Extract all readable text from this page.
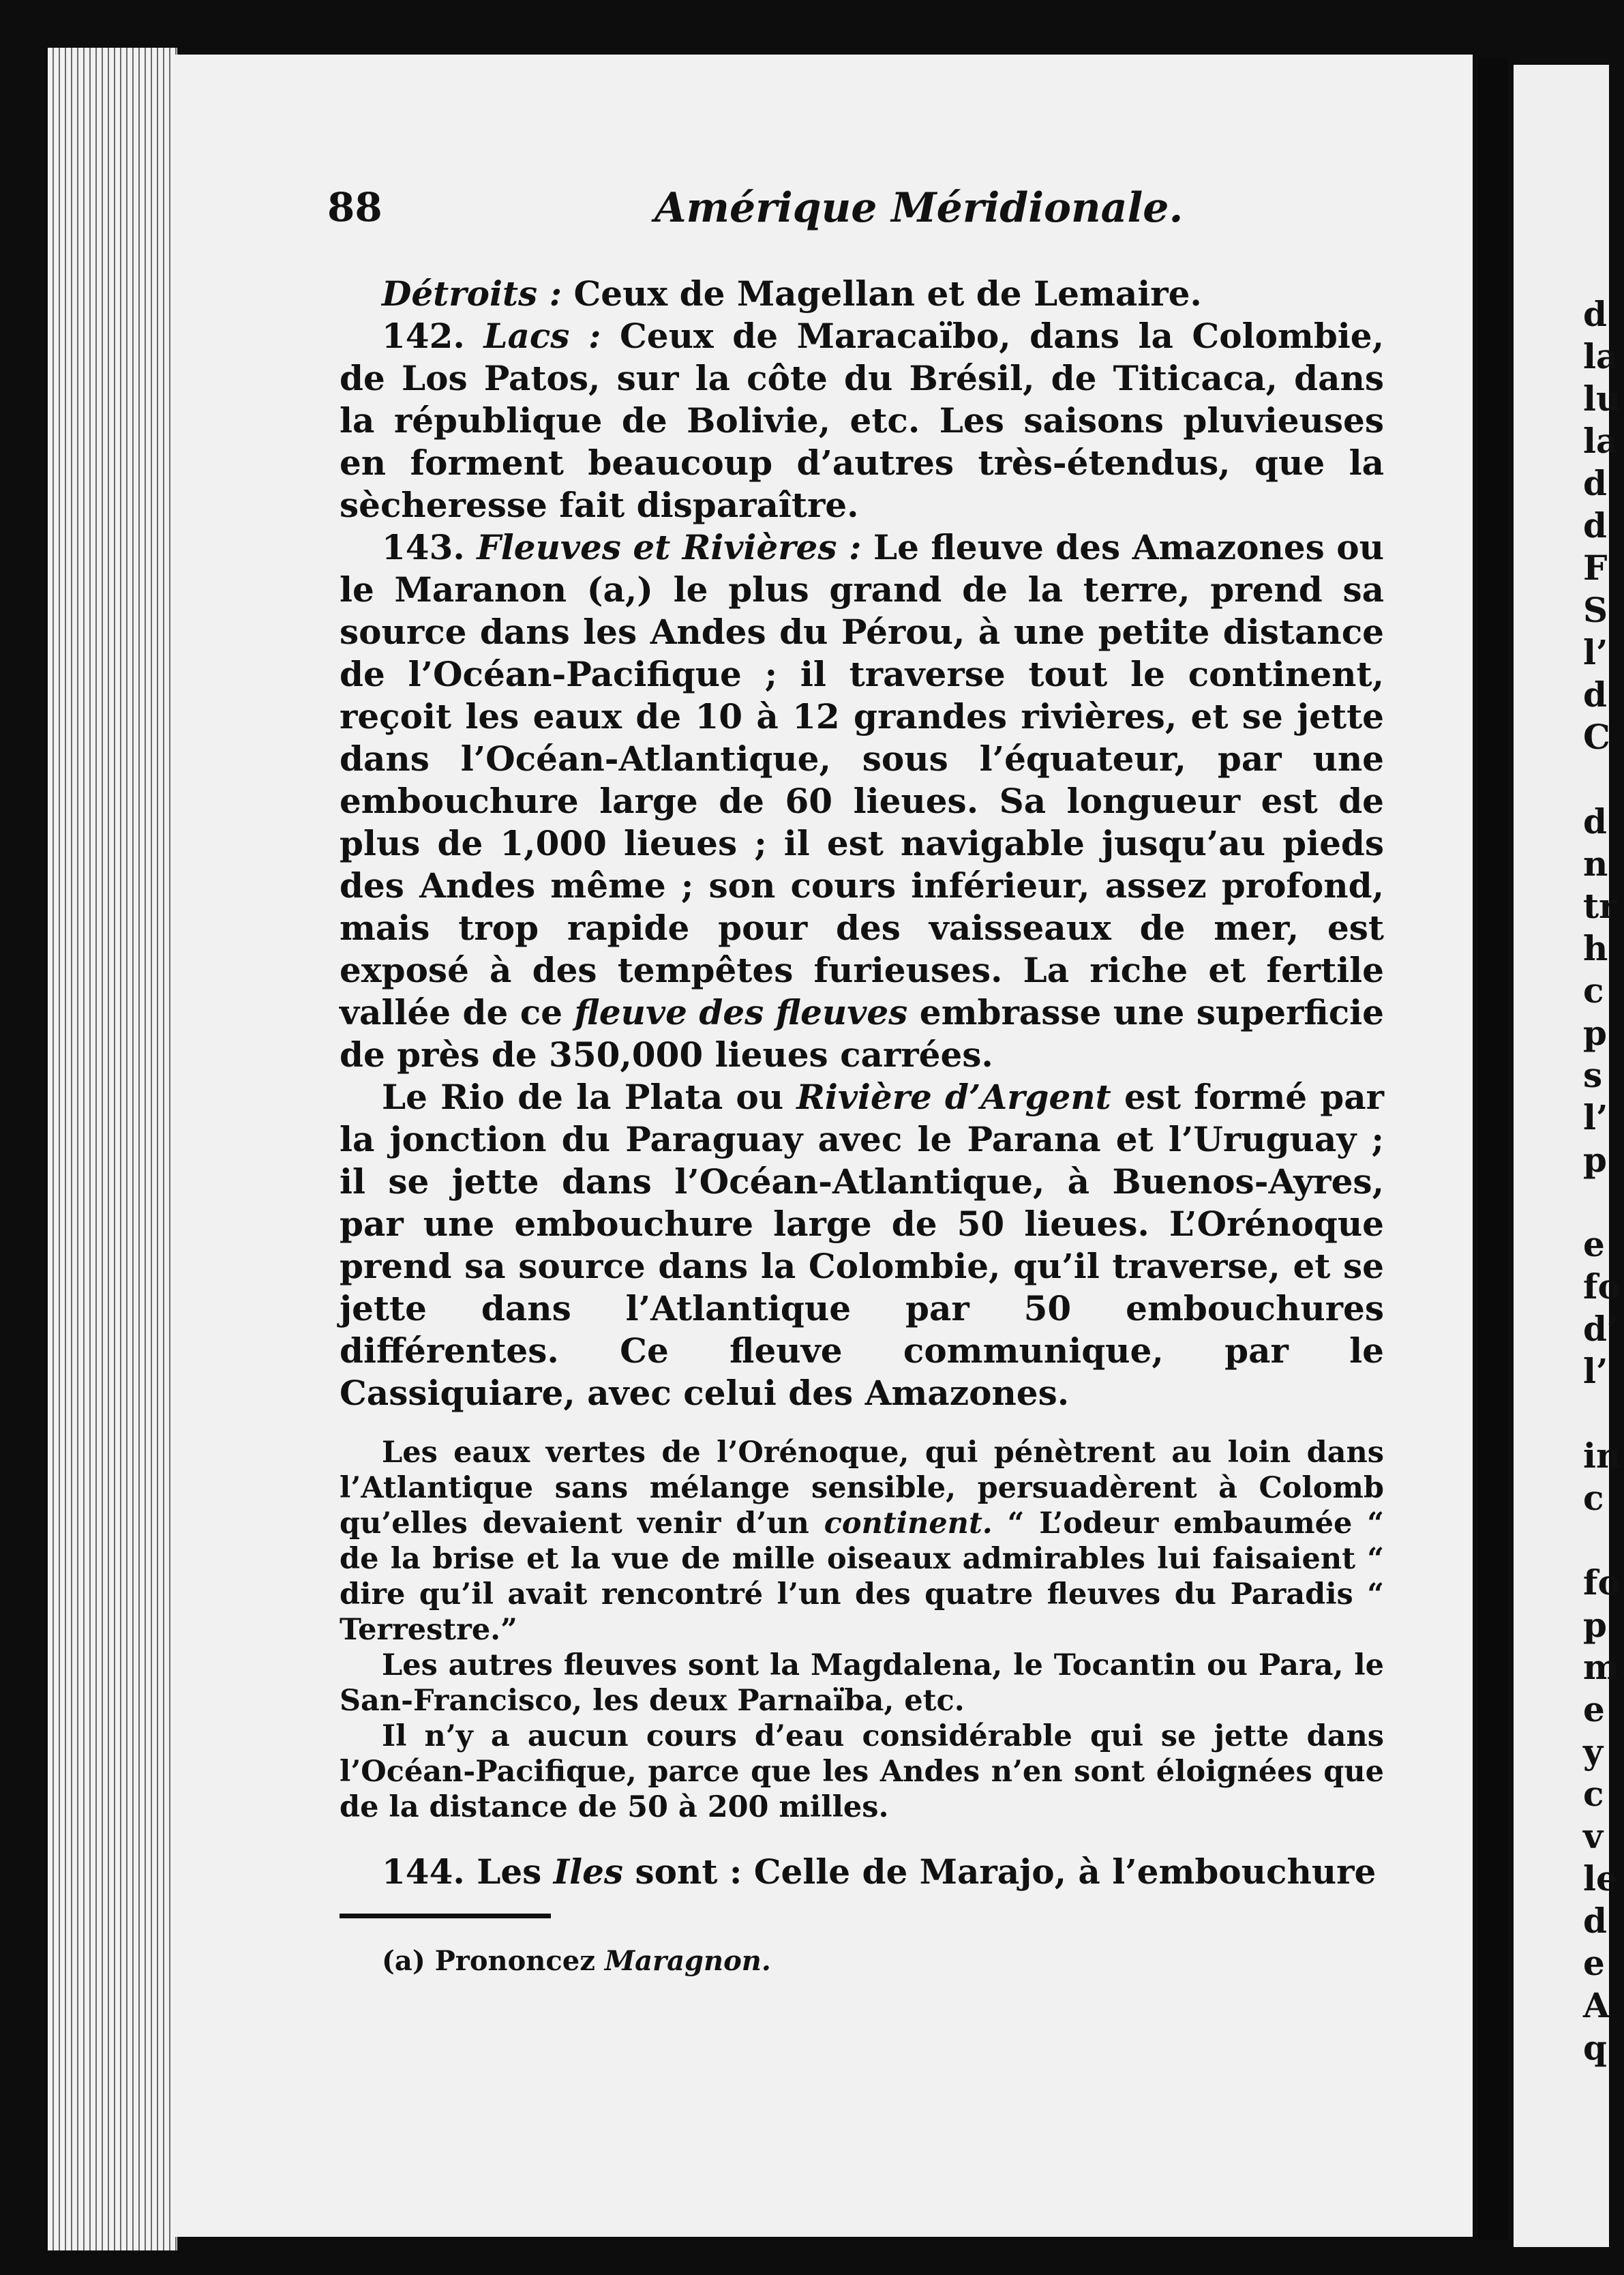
88	Amérique Méridionale.

Détroits : Ceux de Magellan et de Lemaire.

142. Lacs : Ceux de Maracaïbo, dans la Colombie, de Los Patos, sur la côte du Brésil, de Titicaca, dans la république de Bolivie, etc. Les saisons pluvieuses en forment beaucoup d’autres très-étendus, que la sècheresse fait disparaître.

143. Fleuves et Rivières : Le fleuve des Amazones ou le Maranon (a,) le plus grand de la terre, prend sa source dans les Andes du Pérou, à une petite distance de l’Océan-Pacifique ; il traverse tout le continent, reçoit les eaux de 10 à 12 grandes rivières, et se jette dans l’Océan-Atlantique, sous l’équateur, par une embouchure large de 60 lieues. Sa longueur est de plus de 1,000 lieues ; il est navigable jusqu’au pieds des Andes même ; son cours inférieur, assez profond, mais trop rapide pour des vaisseaux de mer, est exposé à des tempêtes furieuses. La riche et fertile vallée de ce fleuve des fleuves embrasse une superficie de près de 350,000 lieues carrées.

Le Rio de la Plata ou Rivière d’Argent est formé par la jonction du Paraguay avec le Parana et l’Uruguay ; il se jette dans l’Océan-Atlantique, à Buenos-Ayres, par une embouchure large de 50 lieues. L’Orénoque prend sa source dans la Colombie, qu’il traverse, et se jette dans l’Atlantique par 50 embouchures différentes. Ce fleuve communique, par le Cassiquiare, avec celui des Amazones.

Les eaux vertes de l’Orénoque, qui pénètrent au loin dans l’Atlantique sans mélange sensible, persuadèrent à Colomb qu’elles devaient venir d’un continent. “ L’odeur embaumée “ de la brise et la vue de mille oiseaux admirables lui faisaient “ dire qu’il avait rencontré l’un des quatre fleuves du Paradis “ Terrestre.”

Les autres fleuves sont la Magdalena, le Tocantin ou Para, le San-Francisco, les deux Parnaïba, etc.

Il n’y a aucun cours d’eau considérable qui se jette dans l’Océan-Pacifique, parce que les Andes n’en sont éloignées que de la distance de 50 à 200 milles.

144. Les Iles sont : Celle de Marajo, à l’embouchure

(a) Prononcez Maragnon.

d
la
lu
la
d
d
F
S
l’
d
C
d
n
tr
h
c
p
s
l’
p
e
fo
d’
l’
in
c
fo
p
m
e
y
c
v
le
d
e
A
q
